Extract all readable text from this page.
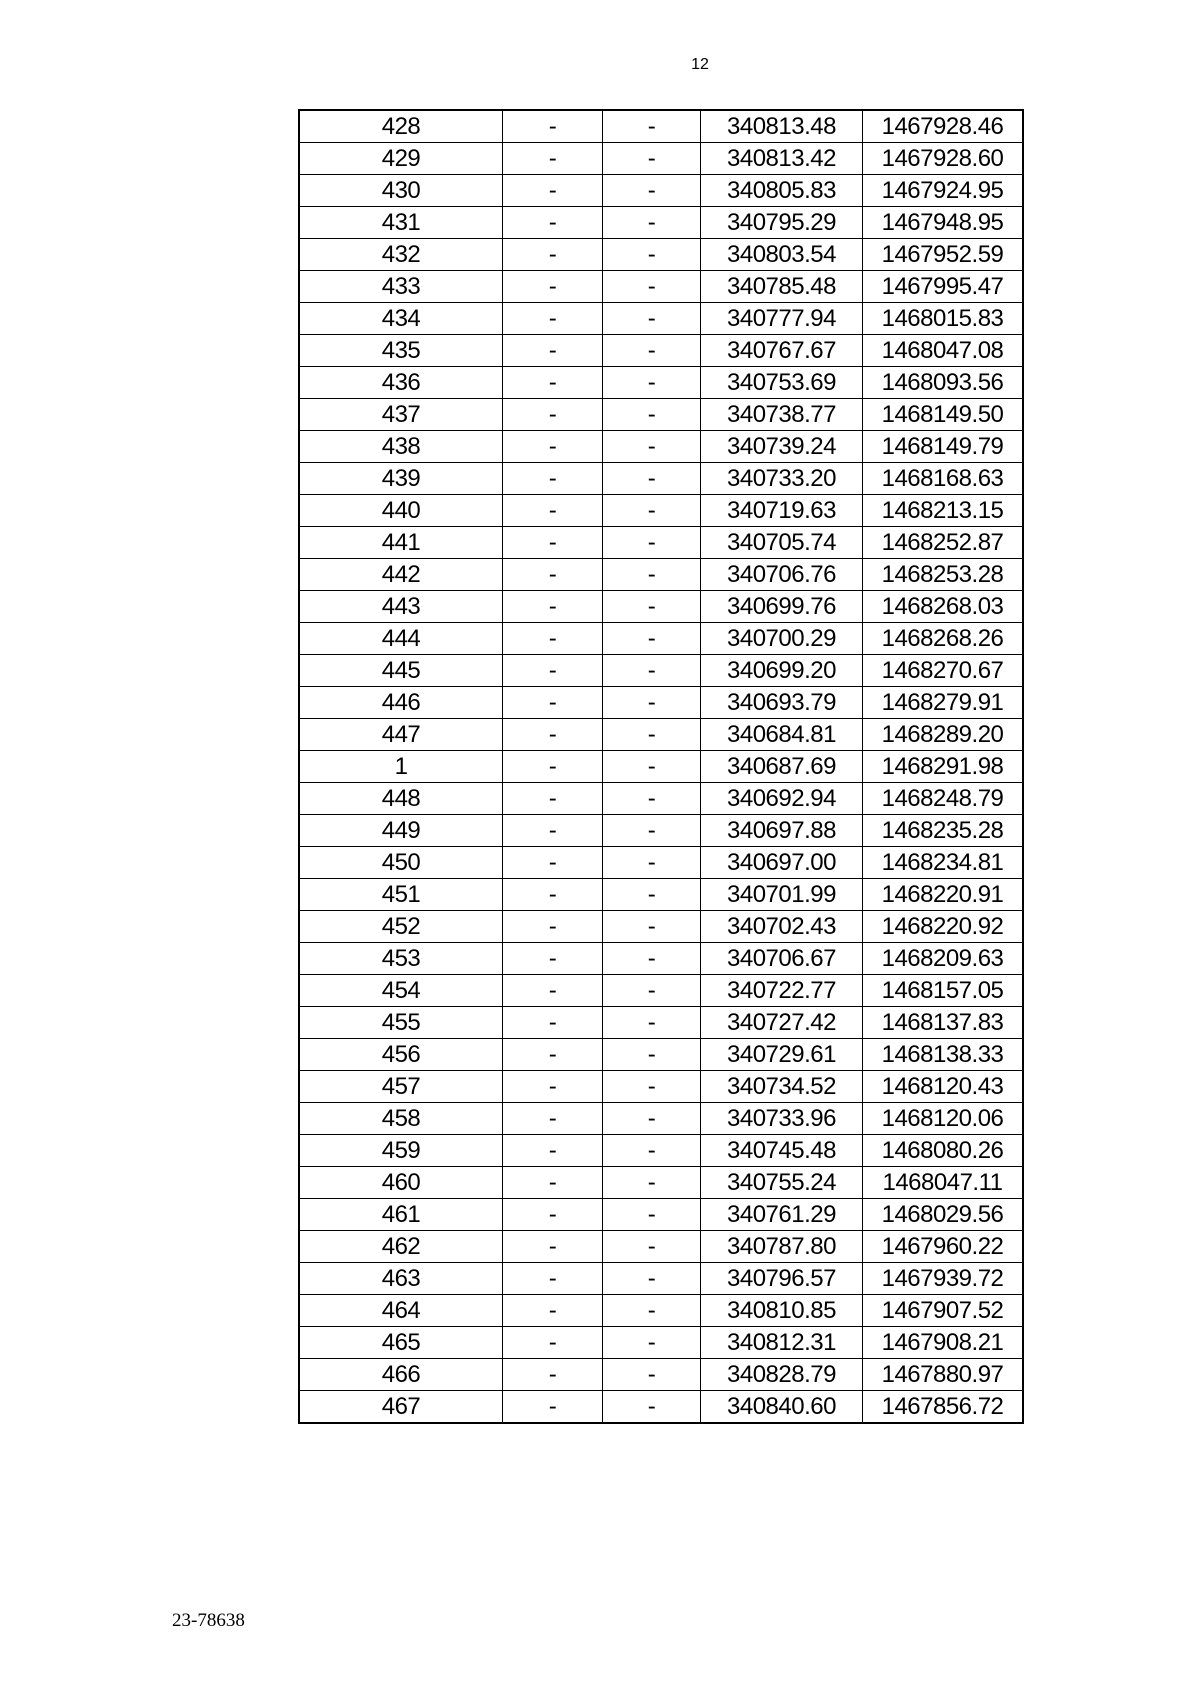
12
428	-	-	340813.48	1467928.46
429	-	-	340813.42	1467928.60
430	-	-	340805.83	1467924.95
431	-	-	340795.29	1467948.95
432	-	-	340803.54	1467952.59
433	-	-	340785.48	1467995.47
434	-	-	340777.94	1468015.83
435	-	-	340767.67	1468047.08
436	-	-	340753.69	1468093.56
437	-	-	340738.77	1468149.50
438	-	-	340739.24	1468149.79
439	-	-	340733.20	1468168.63
440	-	-	340719.63	1468213.15
441	-	-	340705.74	1468252.87
442	-	-	340706.76	1468253.28
443	-	-	340699.76	1468268.03
444	-	-	340700.29	1468268.26
445	-	-	340699.20	1468270.67
446	-	-	340693.79	1468279.91
447	-	-	340684.81	1468289.20
1	-	-	340687.69	1468291.98
448	-	-	340692.94	1468248.79
449	-	-	340697.88	1468235.28
450	-	-	340697.00	1468234.81
451	-	-	340701.99	1468220.91
452	-	-	340702.43	1468220.92
453	-	-	340706.67	1468209.63
454	-	-	340722.77	1468157.05
455	-	-	340727.42	1468137.83
456	-	-	340729.61	1468138.33
457	-	-	340734.52	1468120.43
458	-	-	340733.96	1468120.06
459	-	-	340745.48	1468080.26
460	-	-	340755.24	1468047.11
461	-	-	340761.29	1468029.56
462	-	-	340787.80	1467960.22
463	-	-	340796.57	1467939.72
464	-	-	340810.85	1467907.52
465	-	-	340812.31	1467908.21
466	-	-	340828.79	1467880.97
467	-	-	340840.60	1467856.72
23-78638
